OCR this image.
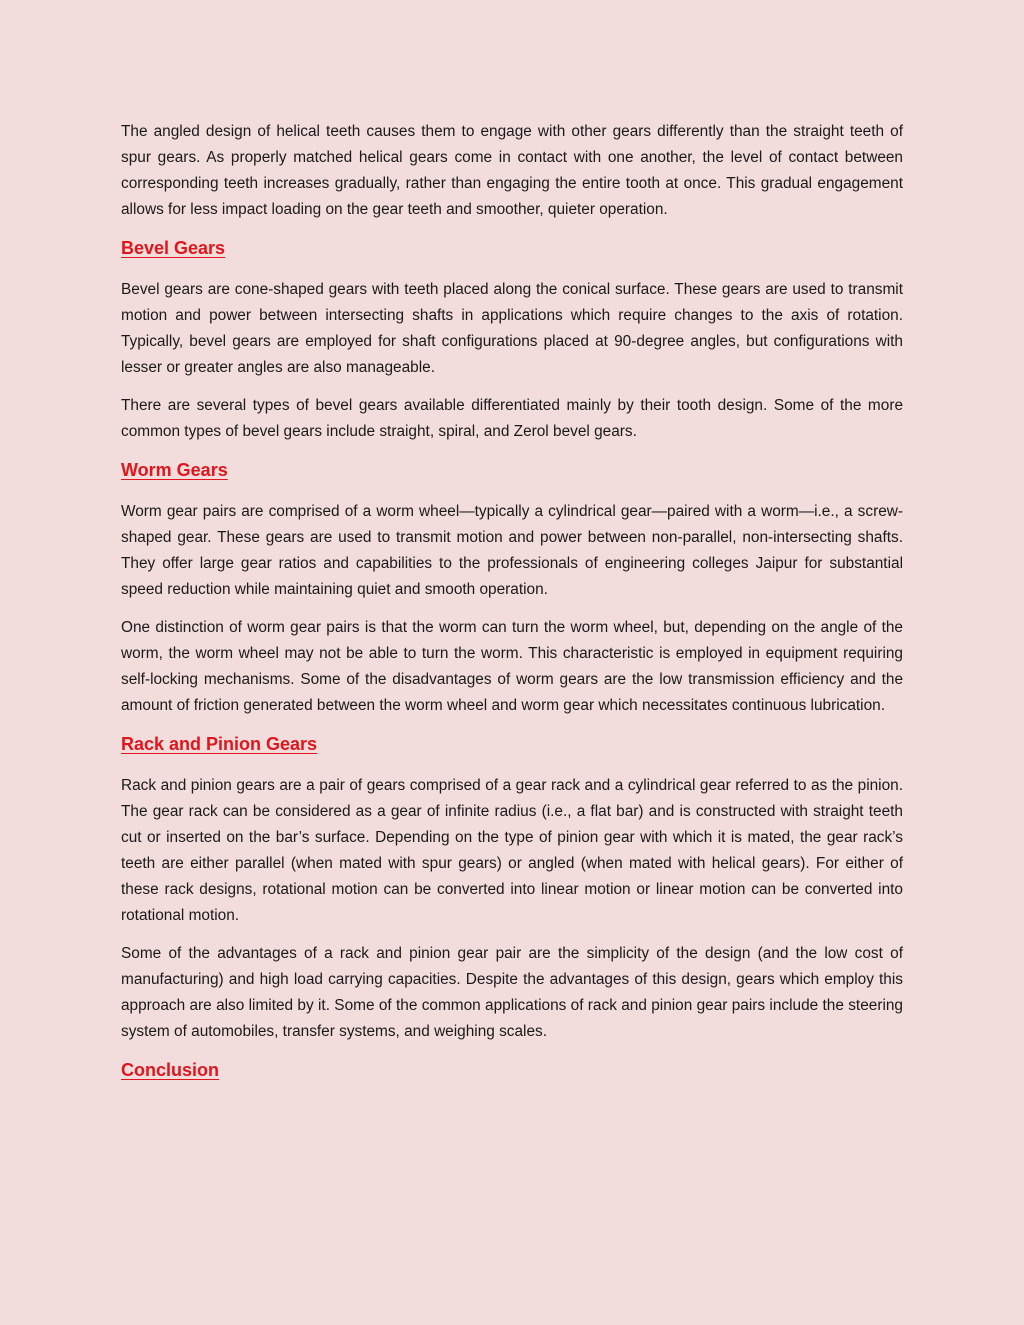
The angled design of helical teeth causes them to engage with other gears differently than the straight teeth of spur gears. As properly matched helical gears come in contact with one another, the level of contact between corresponding teeth increases gradually, rather than engaging the entire tooth at once. This gradual engagement allows for less impact loading on the gear teeth and smoother, quieter operation.

Bevel Gears

Bevel gears are cone-shaped gears with teeth placed along the conical surface. These gears are used to transmit motion and power between intersecting shafts in applications which require changes to the axis of rotation. Typically, bevel gears are employed for shaft configurations placed at 90-degree angles, but configurations with lesser or greater angles are also manageable.

There are several types of bevel gears available differentiated mainly by their tooth design. Some of the more common types of bevel gears include straight, spiral, and Zerol bevel gears.

Worm Gears

Worm gear pairs are comprised of a worm wheel—typically a cylindrical gear—paired with a worm—i.e., a screw-shaped gear. These gears are used to transmit motion and power between non-parallel, non-intersecting shafts. They offer large gear ratios and capabilities to the professionals of engineering colleges Jaipur for substantial speed reduction while maintaining quiet and smooth operation.

One distinction of worm gear pairs is that the worm can turn the worm wheel, but, depending on the angle of the worm, the worm wheel may not be able to turn the worm. This characteristic is employed in equipment requiring self-locking mechanisms. Some of the disadvantages of worm gears are the low transmission efficiency and the amount of friction generated between the worm wheel and worm gear which necessitates continuous lubrication.

Rack and Pinion Gears

Rack and pinion gears are a pair of gears comprised of a gear rack and a cylindrical gear referred to as the pinion. The gear rack can be considered as a gear of infinite radius (i.e., a flat bar) and is constructed with straight teeth cut or inserted on the bar’s surface. Depending on the type of pinion gear with which it is mated, the gear rack’s teeth are either parallel (when mated with spur gears) or angled (when mated with helical gears). For either of these rack designs, rotational motion can be converted into linear motion or linear motion can be converted into rotational motion.

Some of the advantages of a rack and pinion gear pair are the simplicity of the design (and the low cost of manufacturing) and high load carrying capacities. Despite the advantages of this design, gears which employ this approach are also limited by it. Some of the common applications of rack and pinion gear pairs include the steering system of automobiles, transfer systems, and weighing scales.

Conclusion
